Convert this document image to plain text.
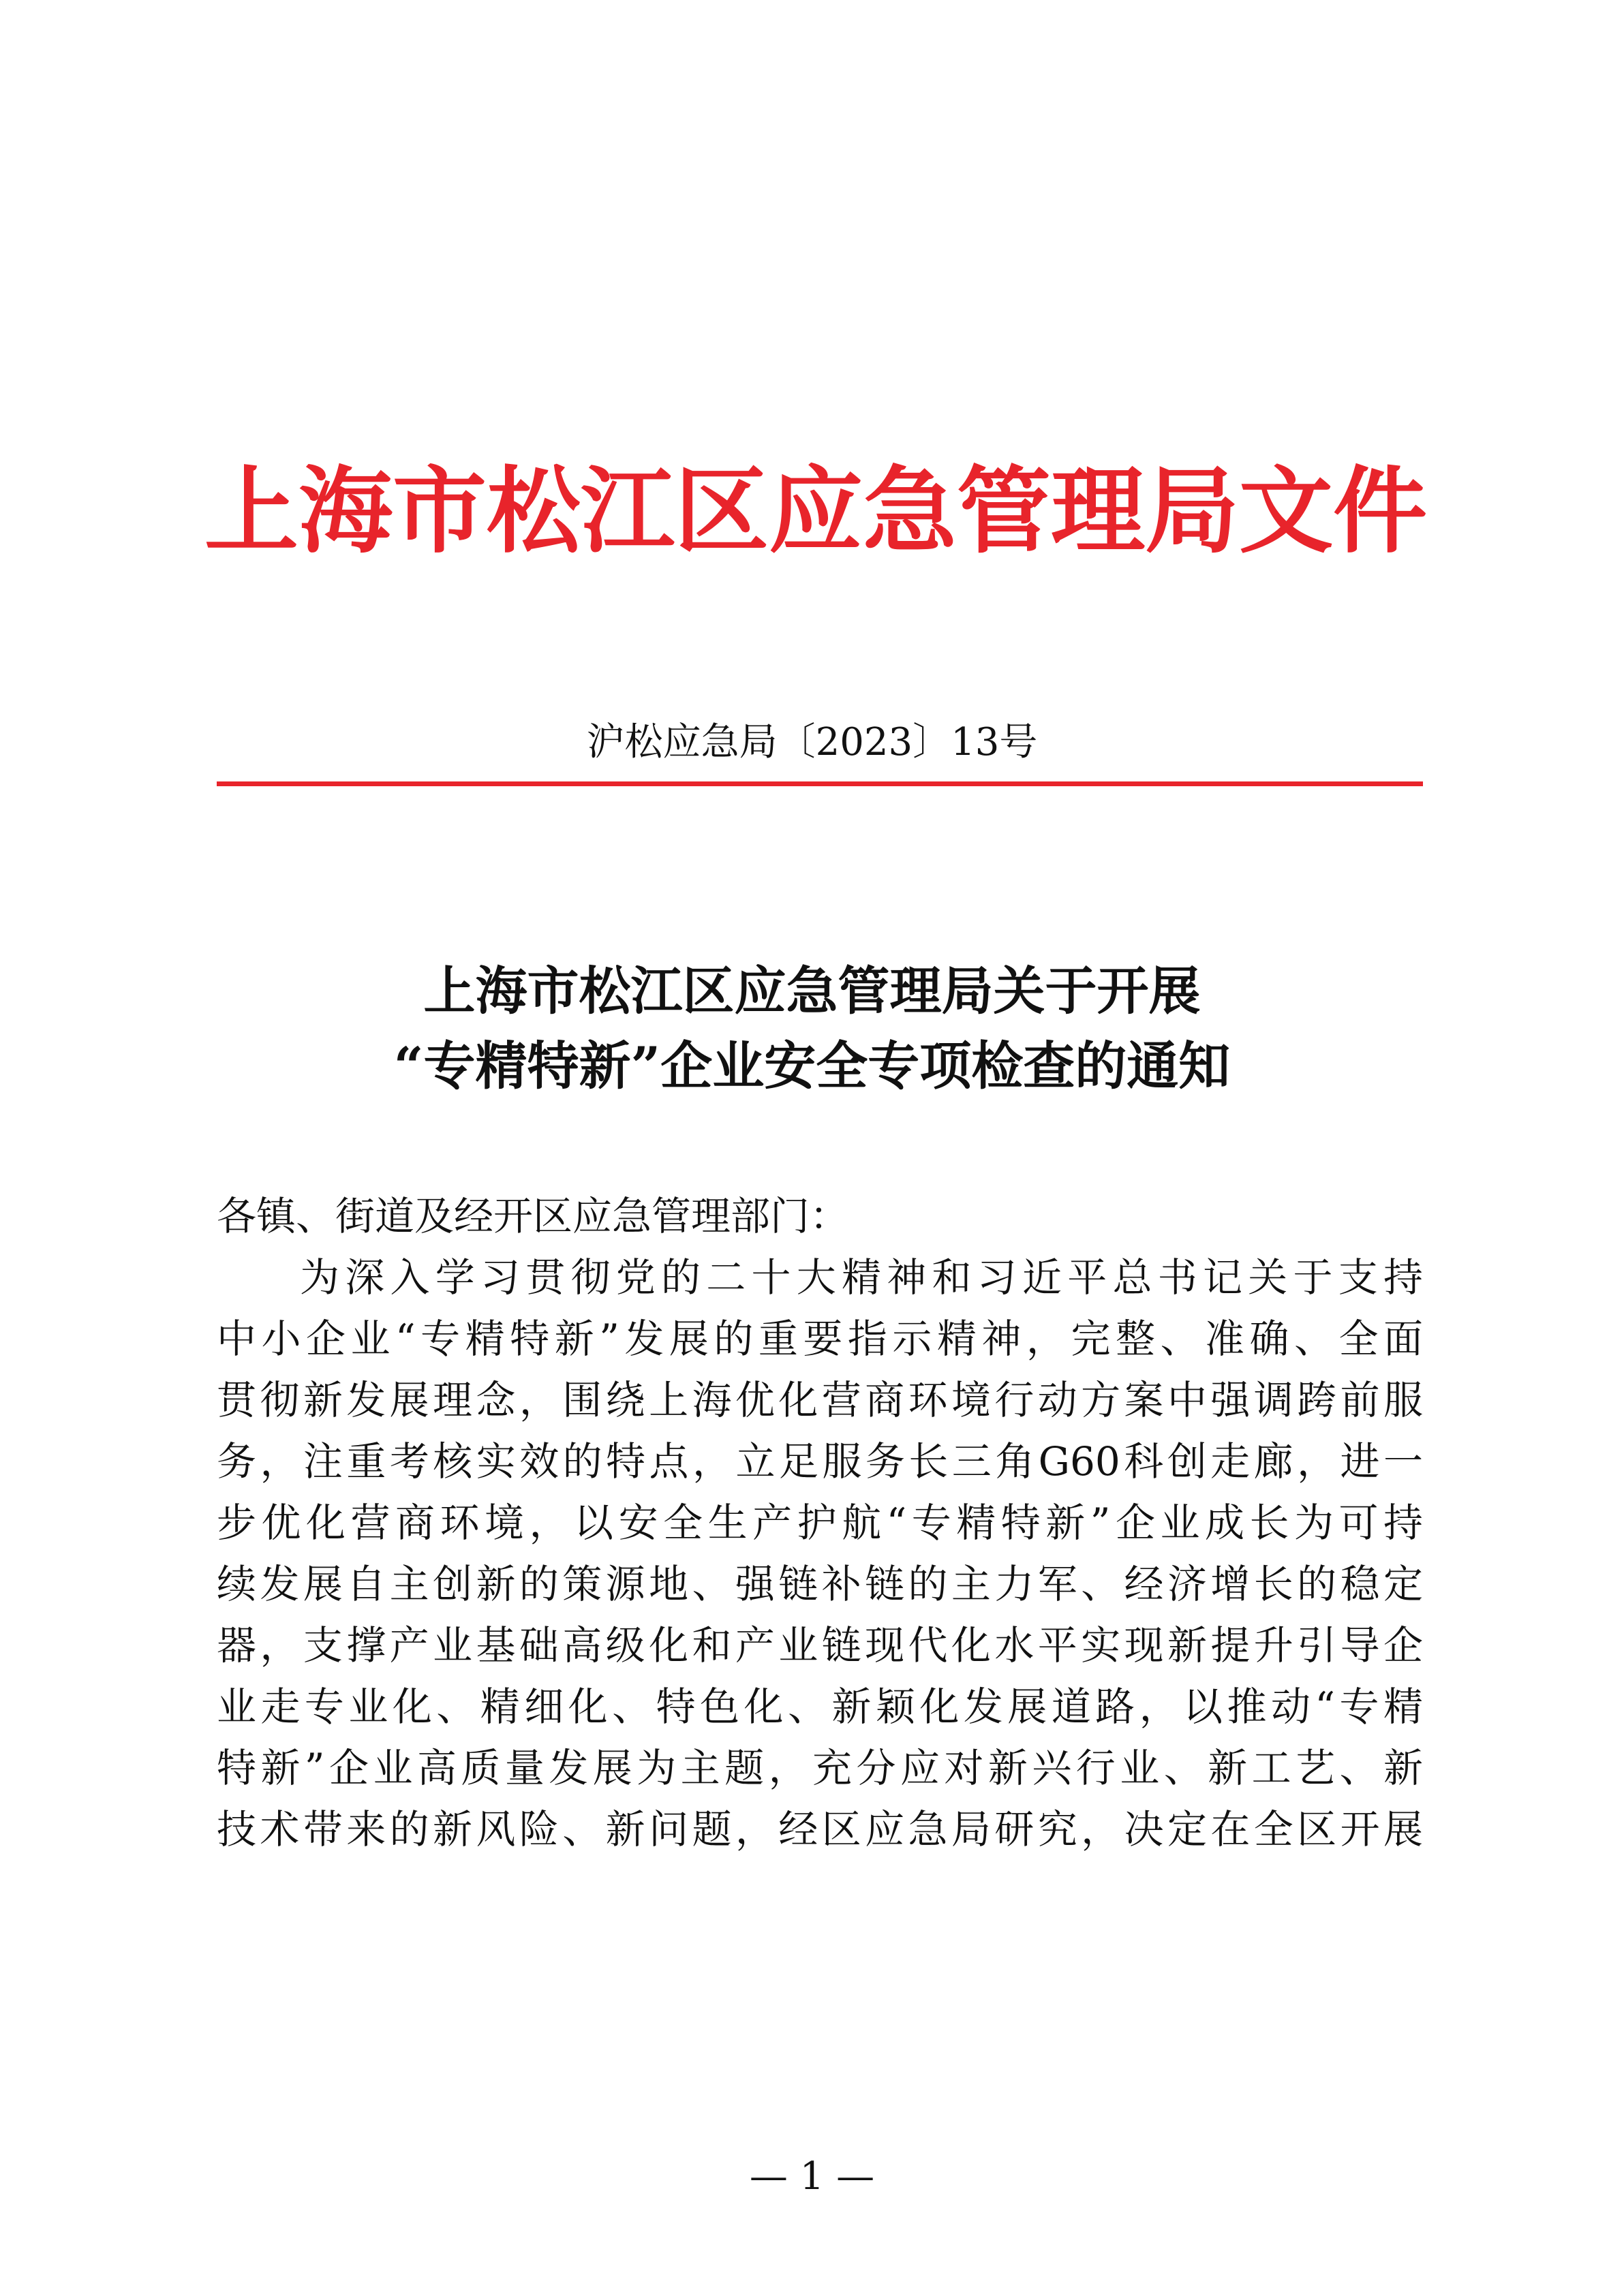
上海市松江区应急管理局文件
沪松应急局〔2023〕13号
上海市松江区应急管理局关于开展
“专精特新”企业安全专项检查的通知
各镇、街道及经开区应急管理部门：
为深入学习贯彻党的二十大精神和习近平总书记关于支持
中小企业“专精特新”发展的重要指示精神，完整、准确、全面
贯彻新发展理念，围绕上海优化营商环境行动方案中强调跨前服
务，注重考核实效的特点，立足服务长三角G60科创走廊，进一
步优化营商环境，以安全生产护航“专精特新”企业成长为可持
续发展自主创新的策源地、强链补链的主力军、经济增长的稳定
器，支撑产业基础高级化和产业链现代化水平实现新提升引导企
业走专业化、精细化、特色化、新颖化发展道路，以推动“专精
特新”企业高质量发展为主题，充分应对新兴行业、新工艺、新
技术带来的新风险、新问题，经区应急局研究，决定在全区开展
— 1 —
